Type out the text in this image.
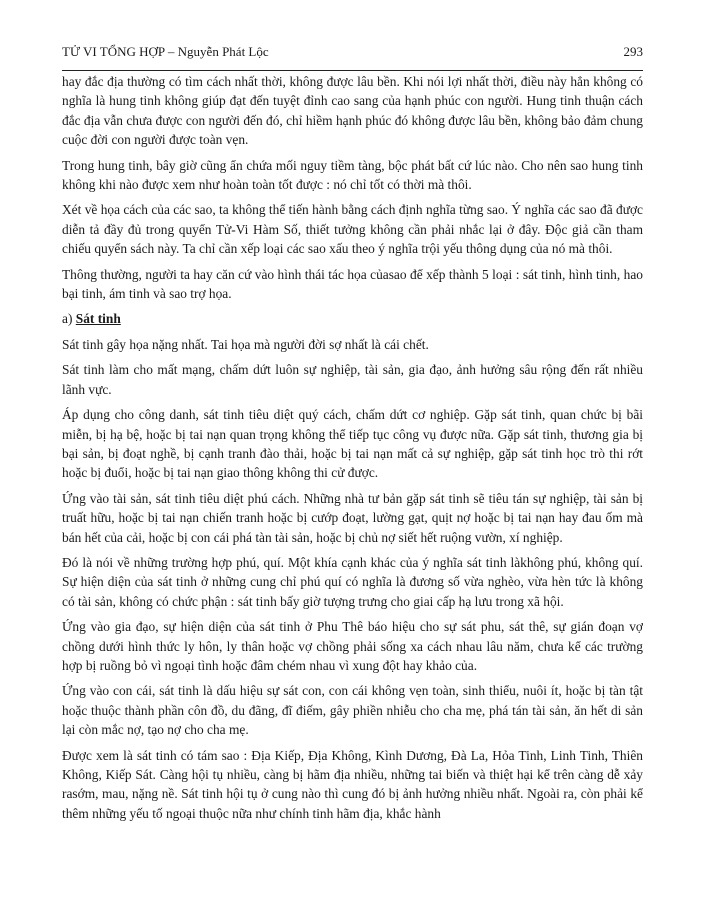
TỬ VI TỔNG HỢP – Nguyễn Phát Lộc	293

hay đắc địa thường có tìm cách nhất thời, không được lâu bền. Khi nói lợi nhất thời, điều này hẳn không có nghĩa là hung tinh không giúp đạt đến tuyệt đỉnh cao sang của hạnh phúc con người. Hung tinh thuận cách đắc địa vẫn chưa được con người đến đó, chỉ hiềm hạnh phúc đó không được lâu bền, không bảo đảm chung cuộc đời con người được toàn vẹn.

Trong hung tinh, bây giờ cũng ẩn chứa mối nguy tiềm tàng, bộc phát bất cứ lúc nào. Cho nên sao hung tinh không khi nào được xem như hoàn toàn tốt được : nó chỉ tốt có thời mà thôi.

Xét về họa cách của các sao, ta không thể tiến hành bằng cách định nghĩa từng sao. Ý nghĩa các sao đã được diễn tả đầy đủ trong quyển Tử-Vi Hàm Số, thiết tưởng không cần phải nhắc lại ở đây. Độc giả cần tham chiếu quyển sách này. Ta chỉ cần xếp loại các sao xấu theo ý nghĩa trội yếu thông dụng của nó mà thôi.

Thông thường, người ta hay căn cứ vào hình thái tác họa củasao để xếp thành 5 loại : sát tinh, hình tinh, hao bại tinh, ám tinh và sao trợ họa.

a) Sát tinh

Sát tinh gây họa nặng nhất. Tai họa mà người đời sợ nhất là cái chết.

Sát tinh làm cho mất mạng, chấm dứt luôn sự nghiệp, tài sản, gia đạo, ảnh hưởng sâu rộng đến rất nhiều lãnh vực.

Áp dụng cho công danh, sát tinh tiêu diệt quý cách, chấm dứt cơ nghiệp. Gặp sát tinh, quan chức bị bãi miễn, bị hạ bệ, hoặc bị tai nạn quan trọng không thể tiếp tục công vụ được nữa. Gặp sát tinh, thương gia bị bại sản, bị đoạt nghề, bị cạnh tranh đào thải, hoặc bị tai nạn mất cả sự nghiệp, gặp sát tinh học trò thi rớt hoặc bị đuổi, hoặc bị tai nạn giao thông không thi cử được.

Ứng vào tài sản, sát tinh tiêu diệt phú cách. Những nhà tư bản gặp sát tinh sẽ tiêu tán sự nghiệp, tài sản bị truất hữu, hoặc bị tai nạn chiến tranh hoặc bị cướp đoạt, lường gạt, quịt nợ hoặc bị tai nạn hay đau ốm mà bán hết của cải, hoặc bị con cái phá tàn tài sản, hoặc bị chủ nợ siết hết ruộng vườn, xí nghiệp.

Đó là nói về những trường hợp phú, quí. Một khía cạnh khác của ý nghĩa sát tinh làkhông phú, không quí. Sự hiện diện của sát tinh ở những cung chỉ phú quí có nghĩa là đương số vừa nghèo, vừa hèn tức là không có tài sản, không có chức phận : sát tinh bấy giờ tượng trưng cho giai cấp hạ lưu trong xã hội.

Ứng vào gia đạo, sự hiện diện của sát tinh ở Phu Thê báo hiệu cho sự sát phu, sát thê, sự gián đoạn vợ chồng dưới hình thức ly hôn, ly thân hoặc vợ chồng phải sống xa cách nhau lâu năm, chưa kể các trường hợp bị ruồng bỏ vì ngoại tình hoặc đâm chém nhau vì xung đột hay khảo của.

Ứng vào con cái, sát tinh là dấu hiệu sự sát con, con cái không vẹn toàn, sinh thiểu, nuôi ít, hoặc bị tàn tật hoặc thuộc thành phần côn đồ, du đãng, đĩ điếm, gây phiền nhiễu cho cha mẹ, phá tán tài sản, ăn hết di sản lại còn mắc nợ, tạo nợ cho cha mẹ.

Được xem là sát tinh có tám sao : Địa Kiếp, Địa Không, Kình Dương, Đà La, Hỏa Tinh, Linh Tinh, Thiên Không, Kiếp Sát. Càng hội tụ nhiều, càng bị hãm địa nhiều, những tai biến và thiệt hại kể trên càng dễ xảy rasớm, mau, nặng nề. Sát tinh hội tụ ở cung nào thì cung đó bị ảnh hưởng nhiều nhất. Ngoài ra, còn phải kể thêm những yếu tố ngoại thuộc nữa như chính tinh hãm địa, khắc hành
